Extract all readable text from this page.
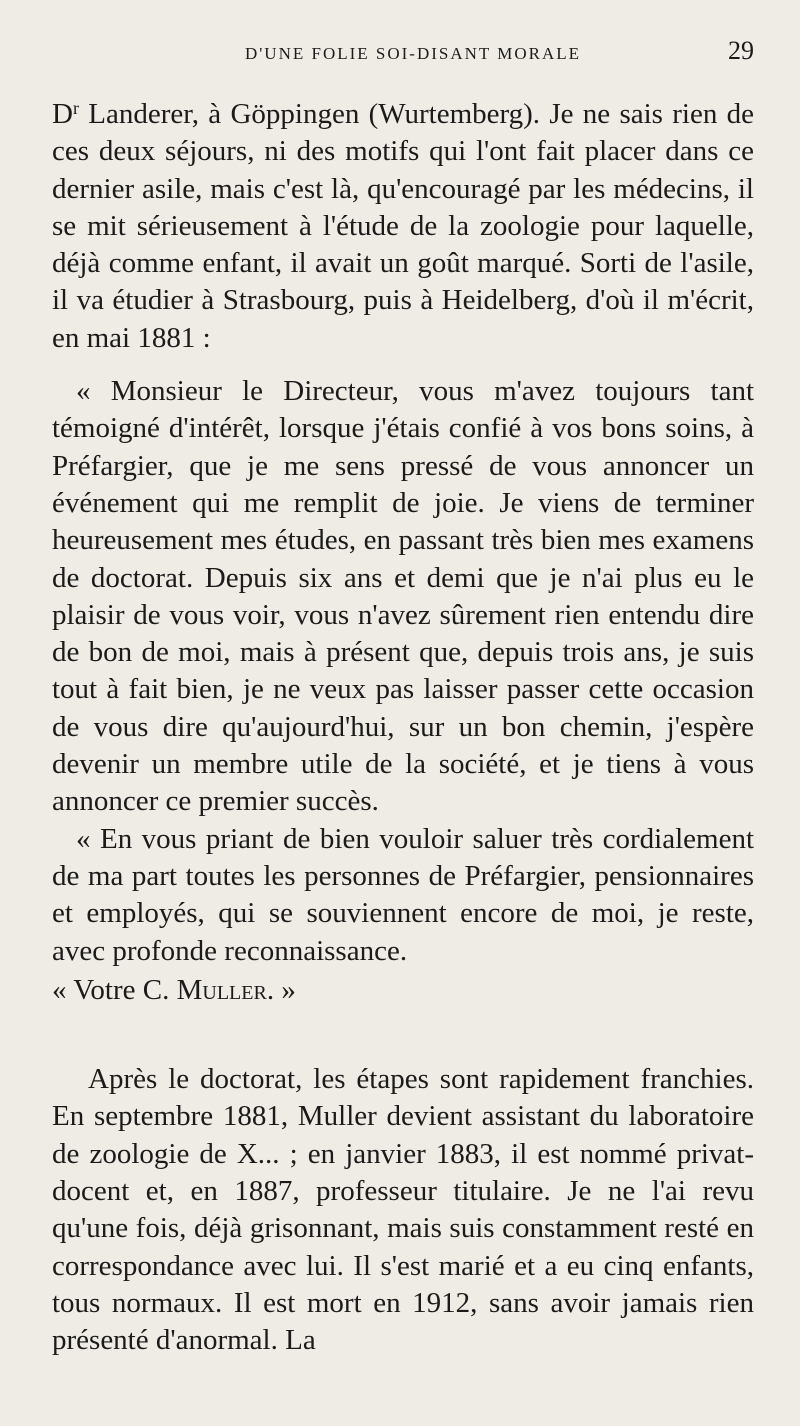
D'UNE FOLIE SOI-DISANT MORALE	29

$D^r$ Landerer, à Göppingen (Wurtemberg). Je ne sais rien de ces deux séjours, ni des motifs qui l'ont fait placer dans ce dernier asile, mais c'est là, qu'encouragé par les médecins, il se mit sérieusement à l'étude de la zoologie pour laquelle, déjà comme enfant, il avait un goût marqué. Sorti de l'asile, il va étudier à Strasbourg, puis à Heidelberg, d'où il m'écrit, en mai 1881 :

« Monsieur le Directeur, vous m'avez toujours tant témoigné d'intérêt, lorsque j'étais confié à vos bons soins, à Préfargier, que je me sens pressé de vous annoncer un événement qui me remplit de joie. Je viens de terminer heureusement mes études, en passant très bien mes examens de doctorat. Depuis six ans et demi que je n'ai plus eu le plaisir de vous voir, vous n'avez sûrement rien entendu dire de bon de moi, mais à présent que, depuis trois ans, je suis tout à fait bien, je ne veux pas laisser passer cette occasion de vous dire qu'aujourd'hui, sur un bon chemin, j'espère devenir un membre utile de la société, et je tiens à vous annoncer ce premier succès.

« En vous priant de bien vouloir saluer très cordialement de ma part toutes les personnes de Préfargier, pensionnaires et employés, qui se souviennent encore de moi, je reste, avec profonde reconnaissance.

« Votre C. Muller. »

Après le doctorat, les étapes sont rapidement franchies. En septembre 1881, Muller devient assistant du laboratoire de zoologie de X... ; en janvier 1883, il est nommé privat-docent et, en 1887, professeur titulaire. Je ne l'ai revu qu'une fois, déjà grisonnant, mais suis constamment resté en correspondance avec lui. Il s'est marié et a eu cinq enfants, tous normaux. Il est mort en 1912, sans avoir jamais rien présenté d'anormal. La
